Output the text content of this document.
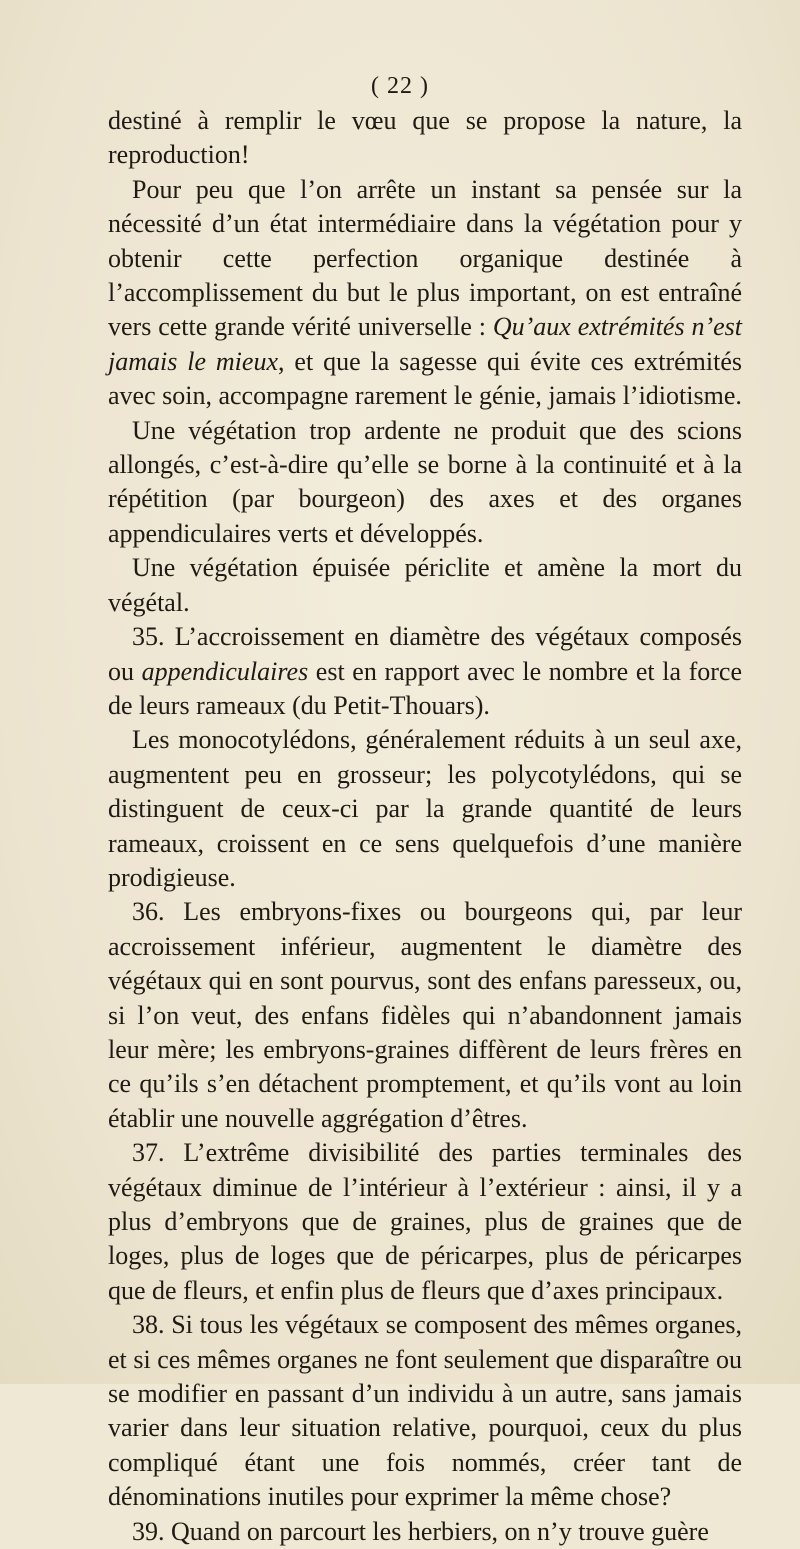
( 22 )

destiné à remplir le vœu que se propose la nature, la reproduction!

Pour peu que l’on arrête un instant sa pensée sur la nécessité d’un état intermédiaire dans la végétation pour y obtenir cette perfection organique destinée à l’accomplissement du but le plus important, on est entraîné vers cette grande vérité universelle : Qu’aux extrémités n’est jamais le mieux, et que la sagesse qui évite ces extrémités avec soin, accompagne rarement le génie, jamais l’idiotisme.

Une végétation trop ardente ne produit que des scions allongés, c’est-à-dire qu’elle se borne à la continuité et à la répétition (par bourgeon) des axes et des organes appendiculaires verts et développés.

Une végétation épuisée périclite et amène la mort du végétal.

35. L’accroissement en diamètre des végétaux composés ou appendiculaires est en rapport avec le nombre et la force de leurs rameaux (du Petit-Thouars).

Les monocotylédons, généralement réduits à un seul axe, augmentent peu en grosseur; les polycotylédons, qui se distinguent de ceux-ci par la grande quantité de leurs rameaux, croissent en ce sens quelquefois d’une manière prodigieuse.

36. Les embryons-fixes ou bourgeons qui, par leur accroissement inférieur, augmentent le diamètre des végétaux qui en sont pourvus, sont des enfans paresseux, ou, si l’on veut, des enfans fidèles qui n’abandonnent jamais leur mère; les embryons-graines diffèrent de leurs frères en ce qu’ils s’en détachent promptement, et qu’ils vont au loin établir une nouvelle aggrégation d’êtres.

37. L’extrême divisibilité des parties terminales des végétaux diminue de l’intérieur à l’extérieur : ainsi, il y a plus d’embryons que de graines, plus de graines que de loges, plus de loges que de péricarpes, plus de péricarpes que de fleurs, et enfin plus de fleurs que d’axes principaux.

38. Si tous les végétaux se composent des mêmes organes, et si ces mêmes organes ne font seulement que disparaître ou se modifier en passant d’un individu à un autre, sans jamais varier dans leur situation relative, pourquoi, ceux du plus compliqué étant une fois nommés, créer tant de dénominations inutiles pour exprimer la même chose?

39. Quand on parcourt les herbiers, on n’y trouve guère
